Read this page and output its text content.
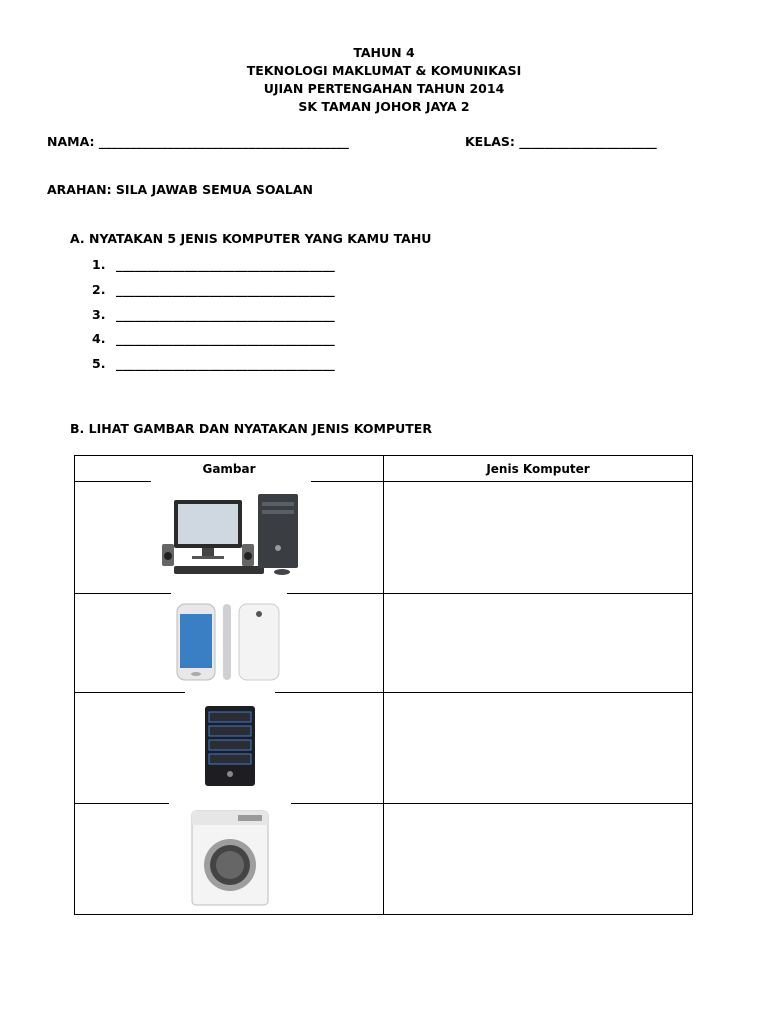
TAHUN 4
TEKNOLOGI MAKLUMAT & KOMUNIKASI
UJIAN PERTENGAHAN TAHUN 2014
SK TAMAN JOHOR JAYA 2
NAMA: ________________________________________	KELAS: ______________________
ARAHAN: SILA JAWAB SEMUA SOALAN
A. NYATAKAN 5 JENIS KOMPUTER YANG KAMU TAHU
1. ___________________________________
2. ___________________________________
3. ___________________________________
4. ___________________________________
5. ___________________________________
B. LIHAT GAMBAR DAN NYATAKAN JENIS KOMPUTER
Gambar	Jenis Komputer
